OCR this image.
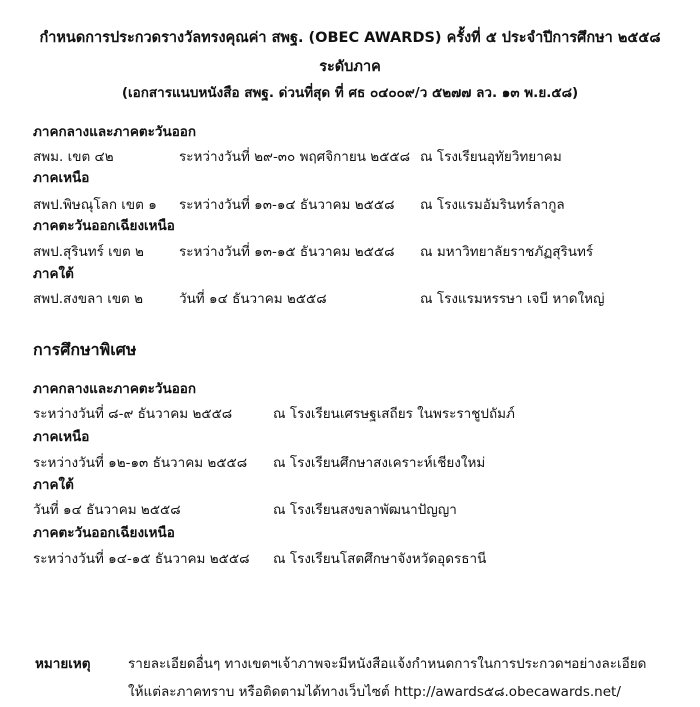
กำหนดการประกวดรางวัลทรงคุณค่า สพฐ. (OBEC AWARDS) ครั้งที่ ๕ ประจำปีการศึกษา ๒๕๕๘
ระดับภาค
(เอกสารแนบหนังสือ สพฐ. ด่วนที่สุด ที่ ศธ ๐๔๐๐๙/ว ๕๒๗๗ ลว. ๑๓ พ.ย.๕๘)
ภาคกลางและภาคตะวันออก
สพม. เขต ๔๒	ระหว่างวันที่ ๒๙-๓๐ พฤศจิกายน ๒๕๕๘ ณ โรงเรียนอุทัยวิทยาคม
ภาคเหนือ
สพป.พิษณุโลก เขต ๑ ระหว่างวันที่ ๑๓-๑๔ ธันวาคม ๒๕๕๘ ณ โรงแรมอัมรินทร์ลากูล
ภาคตะวันออกเฉียงเหนือ
สพป.สุรินทร์ เขต ๒	ระหว่างวันที่ ๑๓-๑๕ ธันวาคม ๒๕๕๘ ณ มหาวิทยาลัยราชภัฏสุรินทร์
ภาคใต้
สพป.สงขลา เขต ๒	วันที่ ๑๔ ธันวาคม ๒๕๕๘	ณ โรงแรมหรรษา เจบี หาดใหญ่
การศึกษาพิเศษ
ภาคกลางและภาคตะวันออก
ระหว่างวันที่ ๘-๙ ธันวาคม ๒๕๕๘	ณ โรงเรียนเศรษฐเสถียร ในพระราชูปถัมภ์
ภาคเหนือ
ระหว่างวันที่ ๑๒-๑๓ ธันวาคม ๒๕๕๘ ณ โรงเรียนศึกษาสงเคราะห์เชียงใหม่
ภาคใต้
วันที่ ๑๔ ธันวาคม ๒๕๕๘	ณ โรงเรียนสงขลาพัฒนาปัญญา
ภาคตะวันออกเฉียงเหนือ
ระหว่างวันที่ ๑๔-๑๕ ธันวาคม ๒๕๕๘ ณ โรงเรียนโสตศึกษาจังหวัดอุดรธานี
หมายเหตุ	รายละเอียดอื่นๆ ทางเขตฯเจ้าภาพจะมีหนังสือแจ้งกำหนดการในการประกวดฯอย่างละเอียด
ให้แต่ละภาคทราบ หรือติดตามได้ทางเว็บไซต์ http://awards๕๘.obecawards.net/
